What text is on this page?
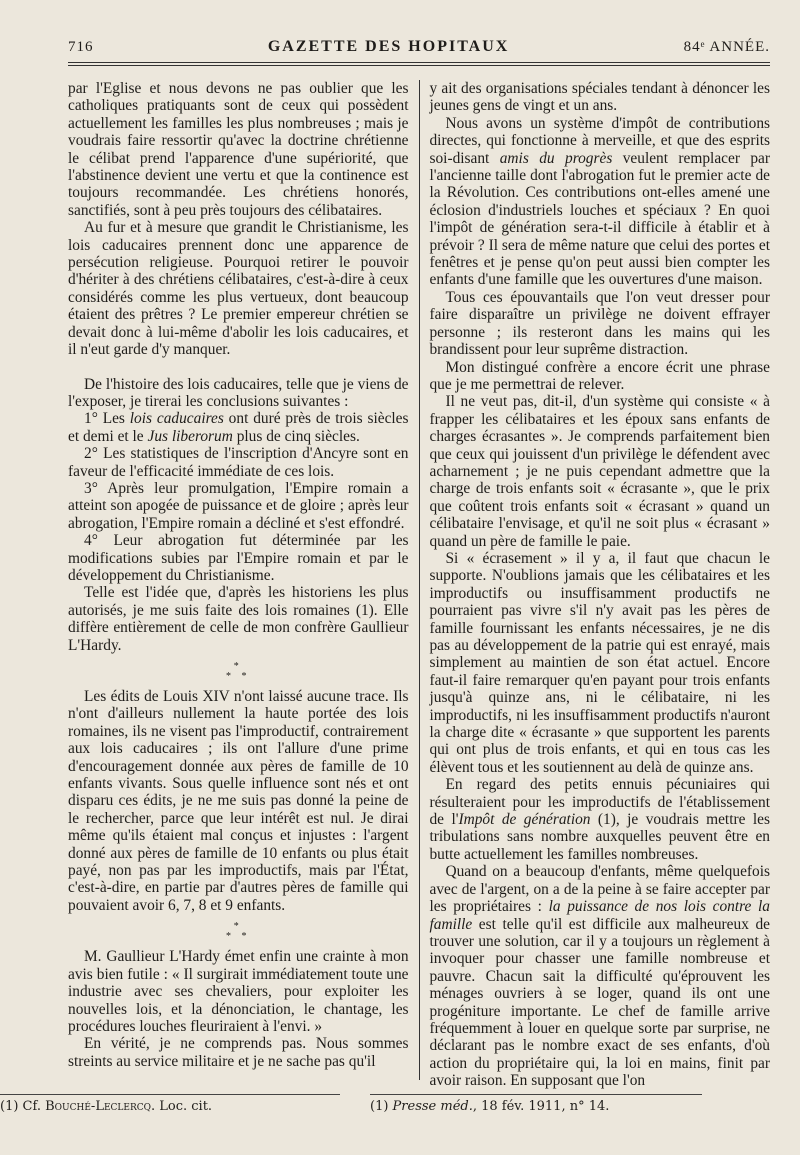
716	GAZETTE DES HOPITAUX	84ᵉ ANNÉE.

par l'Eglise et nous devons ne pas oublier que les catholiques pratiquants sont de ceux qui possèdent actuellement les familles les plus nombreuses ; mais je voudrais faire ressortir qu'avec la doctrine chrétienne le célibat prend l'apparence d'une supériorité, que l'abstinence devient une vertu et que la continence est toujours recommandée. Les chrétiens honorés, sanctifiés, sont à peu près toujours des célibataires.

Au fur et à mesure que grandit le Christianisme, les lois caducaires prennent donc une apparence de persécution religieuse. Pourquoi retirer le pouvoir d'hériter à des chrétiens célibataires, c'est-à-dire à ceux considérés comme les plus vertueux, dont beaucoup étaient des prêtres ? Le premier empereur chrétien se devait donc à lui-même d'abolir les lois caducaires, et il n'eut garde d'y manquer.

De l'histoire des lois caducaires, telle que je viens de l'exposer, je tirerai les conclusions suivantes :

1° Les lois caducaires ont duré près de trois siècles et demi et le Jus liberorum plus de cinq siècles.

2° Les statistiques de l'inscription d'Ancyre sont en faveur de l'efficacité immédiate de ces lois.

3° Après leur promulgation, l'Empire romain a atteint son apogée de puissance et de gloire ; après leur abrogation, l'Empire romain a décliné et s'est effondré.

4° Leur abrogation fut déterminée par les modifications subies par l'Empire romain et par le développement du Christianisme.

Telle est l'idée que, d'après les historiens les plus autorisés, je me suis faite des lois romaines (1). Elle diffère entièrement de celle de mon confrère Gaullieur L'Hardy.

*
* *

Les édits de Louis XIV n'ont laissé aucune trace. Ils n'ont d'ailleurs nullement la haute portée des lois romaines, ils ne visent pas l'improductif, contrairement aux lois caducaires ; ils ont l'allure d'une prime d'encouragement donnée aux pères de famille de 10 enfants vivants. Sous quelle influence sont nés et ont disparu ces édits, je ne me suis pas donné la peine de le rechercher, parce que leur intérêt est nul. Je dirai même qu'ils étaient mal conçus et injustes : l'argent donné aux pères de famille de 10 enfants ou plus était payé, non pas par les improductifs, mais par l'État, c'est-à-dire, en partie par d'autres pères de famille qui pouvaient avoir 6, 7, 8 et 9 enfants.

*
* *

M. Gaullieur L'Hardy émet enfin une crainte à mon avis bien futile : « Il surgirait immédiatement toute une industrie avec ses chevaliers, pour exploiter les nouvelles lois, et la dénonciation, le chantage, les procédures louches fleuriraient à l'envi. »

En vérité, je ne comprends pas. Nous sommes streints au service militaire et je ne sache pas qu'il

y ait des organisations spéciales tendant à dénoncer les jeunes gens de vingt et un ans.

Nous avons un système d'impôt de contributions directes, qui fonctionne à merveille, et que des esprits soi-disant amis du progrès veulent remplacer par l'ancienne taille dont l'abrogation fut le premier acte de la Révolution. Ces contributions ont-elles amené une éclosion d'industriels louches et spéciaux ? En quoi l'impôt de génération sera-t-il difficile à établir et à prévoir ? Il sera de même nature que celui des portes et fenêtres et je pense qu'on peut aussi bien compter les enfants d'une famille que les ouvertures d'une maison.

Tous ces épouvantails que l'on veut dresser pour faire disparaître un privilège ne doivent effrayer personne ; ils resteront dans les mains qui les brandissent pour leur suprême distraction.

Mon distingué confrère a encore écrit une phrase que je me permettrai de relever.

Il ne veut pas, dit-il, d'un système qui consiste « à frapper les célibataires et les époux sans enfants de charges écrasantes ». Je comprends parfaitement bien que ceux qui jouissent d'un privilège le défendent avec acharnement ; je ne puis cependant admettre que la charge de trois enfants soit « écrasante », que le prix que coûtent trois enfants soit « écrasant » quand un célibataire l'envisage, et qu'il ne soit plus « écrasant » quand un père de famille le paie.

Si « écrasement » il y a, il faut que chacun le supporte. N'oublions jamais que les célibataires et les improductifs ou insuffisamment productifs ne pourraient pas vivre s'il n'y avait pas les pères de famille fournissant les enfants nécessaires, je ne dis pas au développement de la patrie qui est enrayé, mais simplement au maintien de son état actuel. Encore faut-il faire remarquer qu'en payant pour trois enfants jusqu'à quinze ans, ni le célibataire, ni les improductifs, ni les insuffisamment productifs n'auront la charge dite « écrasante » que supportent les parents qui ont plus de trois enfants, et qui en tous cas les élèvent tous et les soutiennent au delà de quinze ans.

En regard des petits ennuis pécuniaires qui résulteraient pour les improductifs de l'établissement de l'Impôt de génération (1), je voudrais mettre les tribulations sans nombre auxquelles peuvent être en butte actuellement les familles nombreuses.

Quand on a beaucoup d'enfants, même quelquefois avec de l'argent, on a de la peine à se faire accepter par les propriétaires : la puissance de nos lois contre la famille est telle qu'il est difficile aux malheureux de trouver une solution, car il y a toujours un règlement à invoquer pour chasser une famille nombreuse et pauvre. Chacun sait la difficulté qu'éprouvent les ménages ouvriers à se loger, quand ils ont une progéniture importante. Le chef de famille arrive fréquemment à louer en quelque sorte par surprise, ne déclarant pas le nombre exact de ses enfants, d'où action du propriétaire qui, la loi en mains, finit par avoir raison. En supposant que l'on

(1) Cf. Bouché-Leclercq. Loc. cit.	(1) Presse méd., 18 fév. 1911, n° 14.
